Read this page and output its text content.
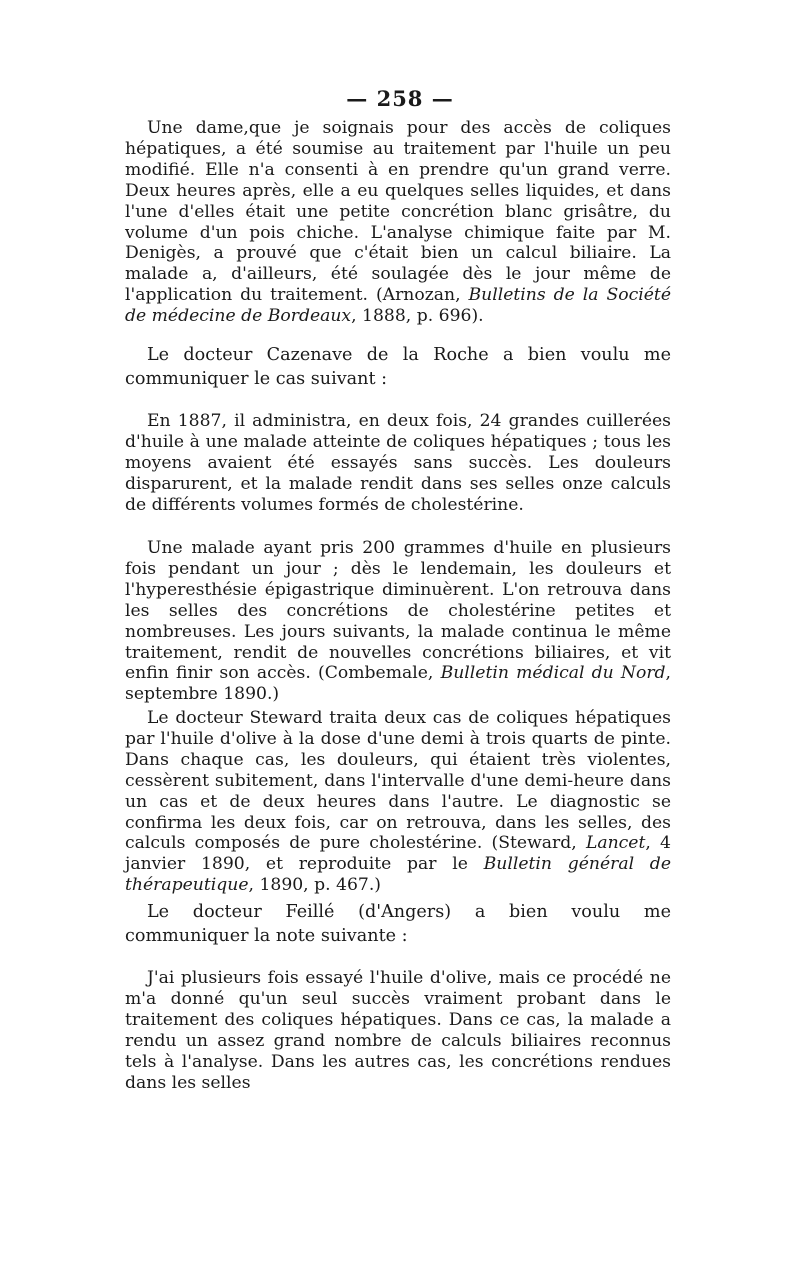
— 258 —

Une dame,que je soignais pour des accès de coliques hépatiques, a été soumise au traitement par l'huile un peu modifié. Elle n'a consenti à en prendre qu'un grand verre. Deux heures après, elle a eu quelques selles liquides, et dans l'une d'elles était une petite concrétion blanc grisâtre, du volume d'un pois chiche. L'analyse chimique faite par M. Denigès, a prouvé que c'était bien un calcul biliaire. La malade a, d'ailleurs, été soulagée dès le jour même de l'application du traitement. (Arnozan, Bulletins de la Société de médecine de Bordeaux, 1888, p. 696).

Le docteur Cazenave de la Roche a bien voulu me communiquer le cas suivant :

En 1887, il administra, en deux fois, 24 grandes cuillerées d'huile à une malade atteinte de coliques hépatiques ; tous les moyens avaient été essayés sans succès. Les douleurs disparurent, et la malade rendit dans ses selles onze calculs de différents volumes formés de cholestérine.

Une malade ayant pris 200 grammes d'huile en plusieurs fois pendant un jour ; dès le lendemain, les douleurs et l'hyperesthésie épigastrique diminuèrent. L'on retrouva dans les selles des concrétions de cholestérine petites et nombreuses. Les jours suivants, la malade continua le même traitement, rendit de nouvelles concrétions biliaires, et vit enfin finir son accès. (Combemale, Bulletin médical du Nord, septembre 1890.)

Le docteur Steward traita deux cas de coliques hépatiques par l'huile d'olive à la dose d'une demi à trois quarts de pinte. Dans chaque cas, les douleurs, qui étaient très violentes, cessèrent subitement, dans l'intervalle d'une demi-heure dans un cas et de deux heures dans l'autre. Le diagnostic se confirma les deux fois, car on retrouva, dans les selles, des calculs composés de pure cholestérine. (Steward, Lancet, 4 janvier 1890, et reproduite par le Bulletin général de thérapeutique, 1890, p. 467.)

Le docteur Feillé (d'Angers) a bien voulu me communiquer la note suivante :

J'ai plusieurs fois essayé l'huile d'olive, mais ce procédé ne m'a donné qu'un seul succès vraiment probant dans le traitement des coliques hépatiques. Dans ce cas, la malade a rendu un assez grand nombre de calculs biliaires reconnus tels à l'analyse. Dans les autres cas, les concrétions rendues dans les selles
